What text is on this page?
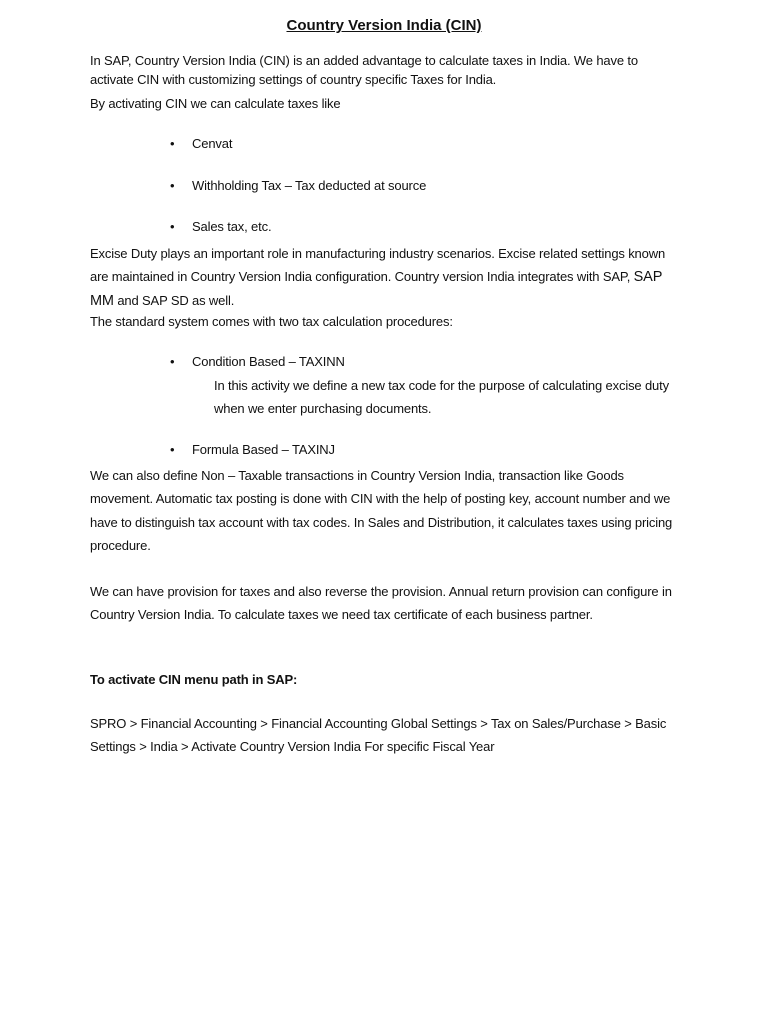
Country Version India (CIN)

In SAP, Country Version India (CIN) is an added advantage to calculate taxes in India. We have to activate CIN with customizing settings of country specific Taxes for India.

By activating CIN we can calculate taxes like

• Cenvat
• Withholding Tax – Tax deducted at source
• Sales tax, etc.

Excise Duty plays an important role in manufacturing industry scenarios. Excise related settings known are maintained in Country Version India configuration. Country version India integrates with SAP, SAP MM and SAP SD as well.

The standard system comes with two tax calculation procedures:

• Condition Based – TAXINN
In this activity we define a new tax code for the purpose of calculating excise duty when we enter purchasing documents.
• Formula Based – TAXINJ

We can also define Non – Taxable transactions in Country Version India, transaction like Goods movement. Automatic tax posting is done with CIN with the help of posting key, account number and we have to distinguish tax account with tax codes. In Sales and Distribution, it calculates taxes using pricing procedure.

We can have provision for taxes and also reverse the provision. Annual return provision can configure in Country Version India. To calculate taxes we need tax certificate of each business partner.

To activate CIN menu path in SAP:

SPRO > Financial Accounting > Financial Accounting Global Settings > Tax on Sales/Purchase > Basic Settings > India > Activate Country Version India For specific Fiscal Year
